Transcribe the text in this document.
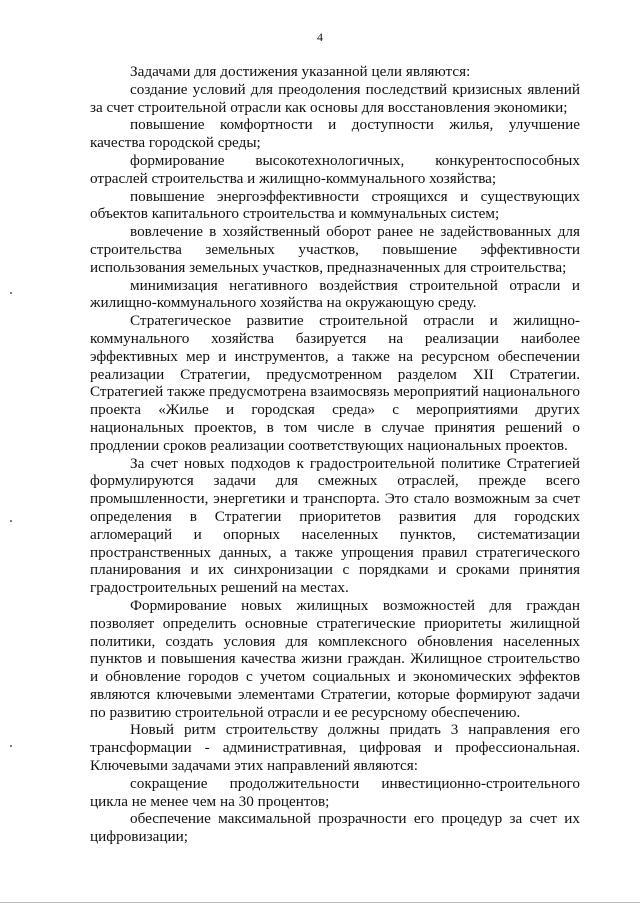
4

Задачами для достижения указанной цели являются:

создание условий для преодоления последствий кризисных явлений за счет строительной отрасли как основы для восстановления экономики;

повышение комфортности и доступности жилья, улучшение качества городской среды;

формирование высокотехнологичных, конкурентоспособных отраслей строительства и жилищно-коммунального хозяйства;

повышение энергоэффективности строящихся и существующих объектов капитального строительства и коммунальных систем;

вовлечение в хозяйственный оборот ранее не задействованных для строительства земельных участков, повышение эффективности использования земельных участков, предназначенных для строительства;

минимизация негативного воздействия строительной отрасли и жилищно-коммунального хозяйства на окружающую среду.

Стратегическое развитие строительной отрасли и жилищно-коммунального хозяйства базируется на реализации наиболее эффективных мер и инструментов, а также на ресурсном обеспечении реализации Стратегии, предусмотренном разделом XII Стратегии. Стратегией также предусмотрена взаимосвязь мероприятий национального проекта «Жилье и городская среда» с мероприятиями других национальных проектов, в том числе в случае принятия решений о продлении сроков реализации соответствующих национальных проектов.

За счет новых подходов к градостроительной политике Стратегией формулируются задачи для смежных отраслей, прежде всего промышленности, энергетики и транспорта. Это стало возможным за счет определения в Стратегии приоритетов развития для городских агломераций и опорных населенных пунктов, систематизации пространственных данных, а также упрощения правил стратегического планирования и их синхронизации с порядками и сроками принятия градостроительных решений на местах.

Формирование новых жилищных возможностей для граждан позволяет определить основные стратегические приоритеты жилищной политики, создать условия для комплексного обновления населенных пунктов и повышения качества жизни граждан. Жилищное строительство и обновление городов с учетом социальных и экономических эффектов являются ключевыми элементами Стратегии, которые формируют задачи по развитию строительной отрасли и ее ресурсному обеспечению.

Новый ритм строительству должны придать 3 направления его трансформации - административная, цифровая и профессиональная. Ключевыми задачами этих направлений являются:

сокращение продолжительности инвестиционно-строительного цикла не менее чем на 30 процентов;

обеспечение максимальной прозрачности его процедур за счет их цифровизации;
